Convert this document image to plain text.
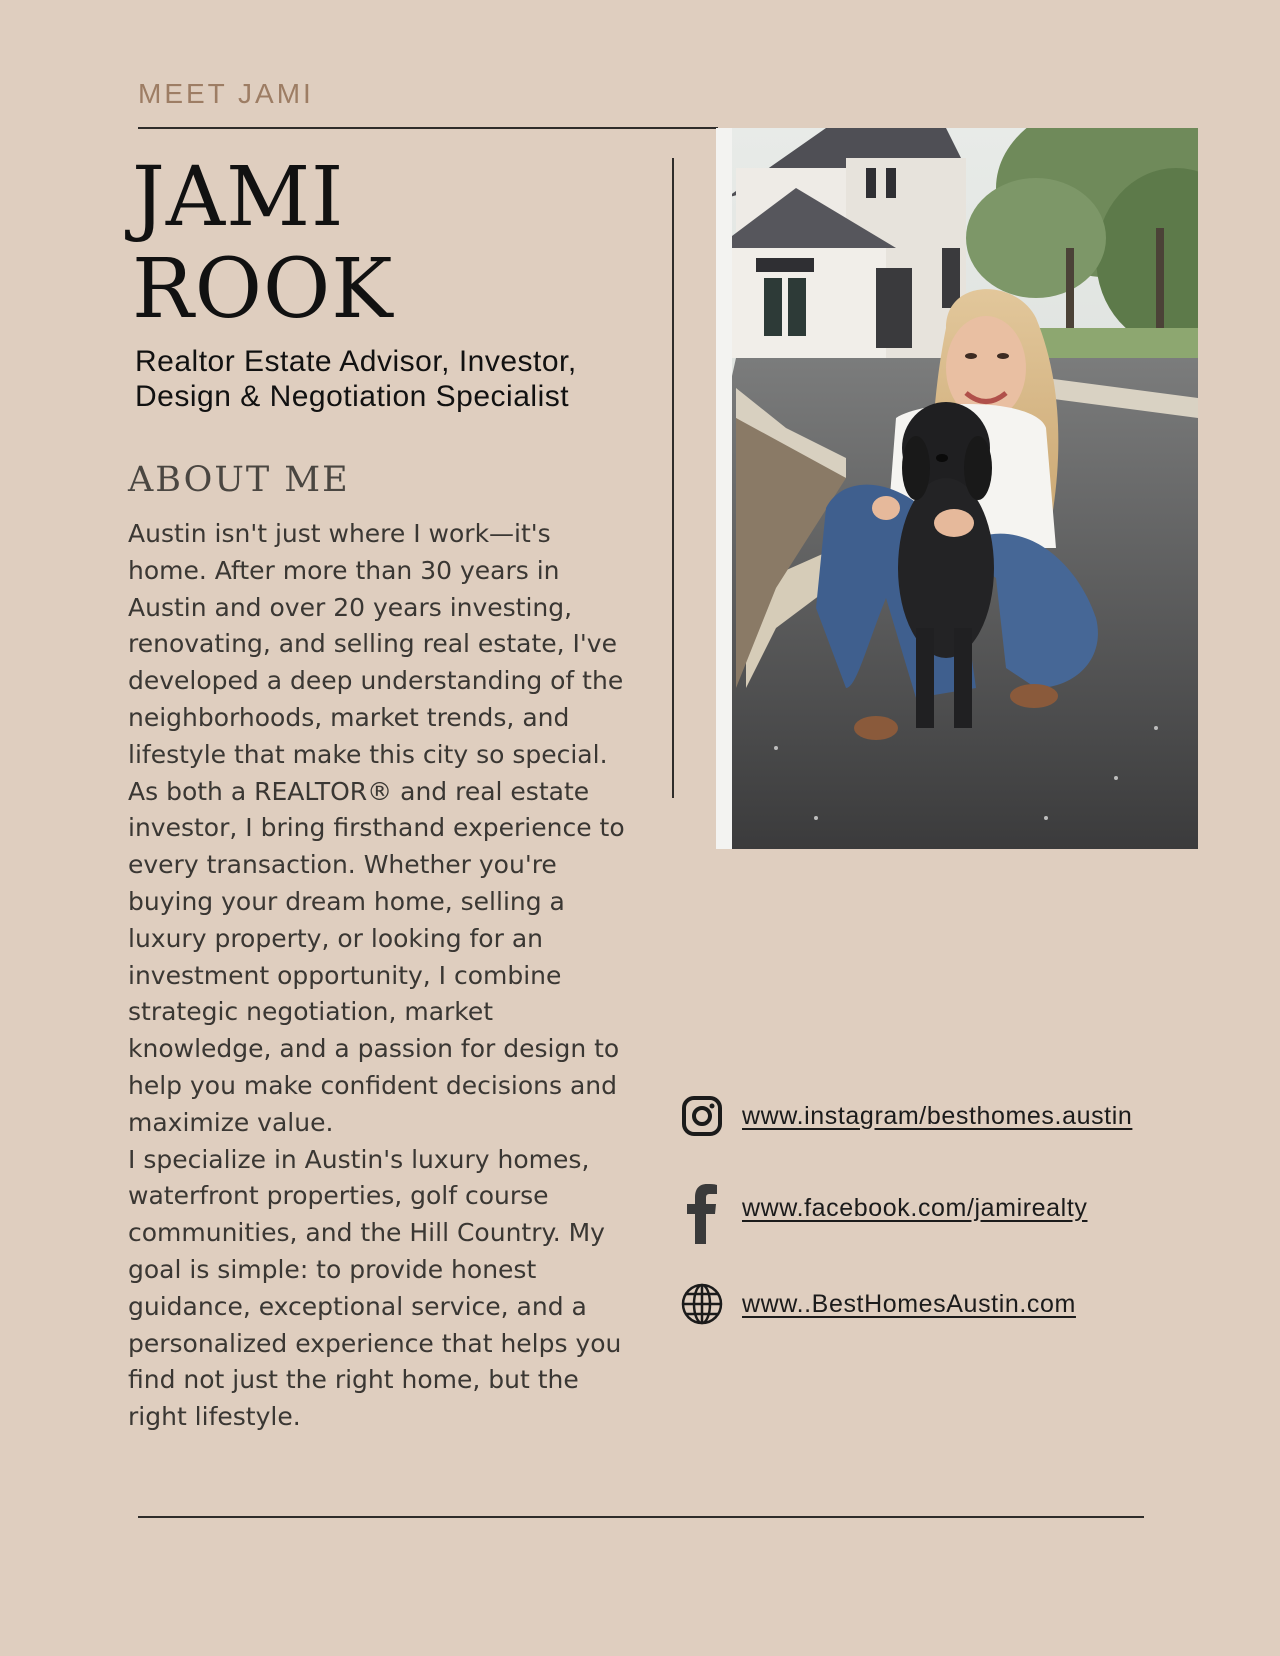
MEET JAMI
JAMI
ROOK
Realtor Estate Advisor, Investor,
Design & Negotiation Specialist
ABOUT ME

Austin isn't just where I work—it's home. After more than 30 years in Austin and over 20 years investing, renovating, and selling real estate, I've developed a deep understanding of the neighborhoods, market trends, and lifestyle that make this city so special.

As both a REALTOR® and real estate investor, I bring firsthand experience to every transaction. Whether you're buying your dream home, selling a luxury property, or looking for an investment opportunity, I combine strategic negotiation, market knowledge, and a passion for design to help you make confident decisions and maximize value.

I specialize in Austin's luxury homes, waterfront properties, golf course communities, and the Hill Country. My goal is simple: to provide honest guidance, exceptional service, and a personalized experience that helps you find not just the right home, but the right lifestyle.

www.instagram/besthomes.austin
www.facebook.com/jamirealty
www..BestHomesAustin.com
